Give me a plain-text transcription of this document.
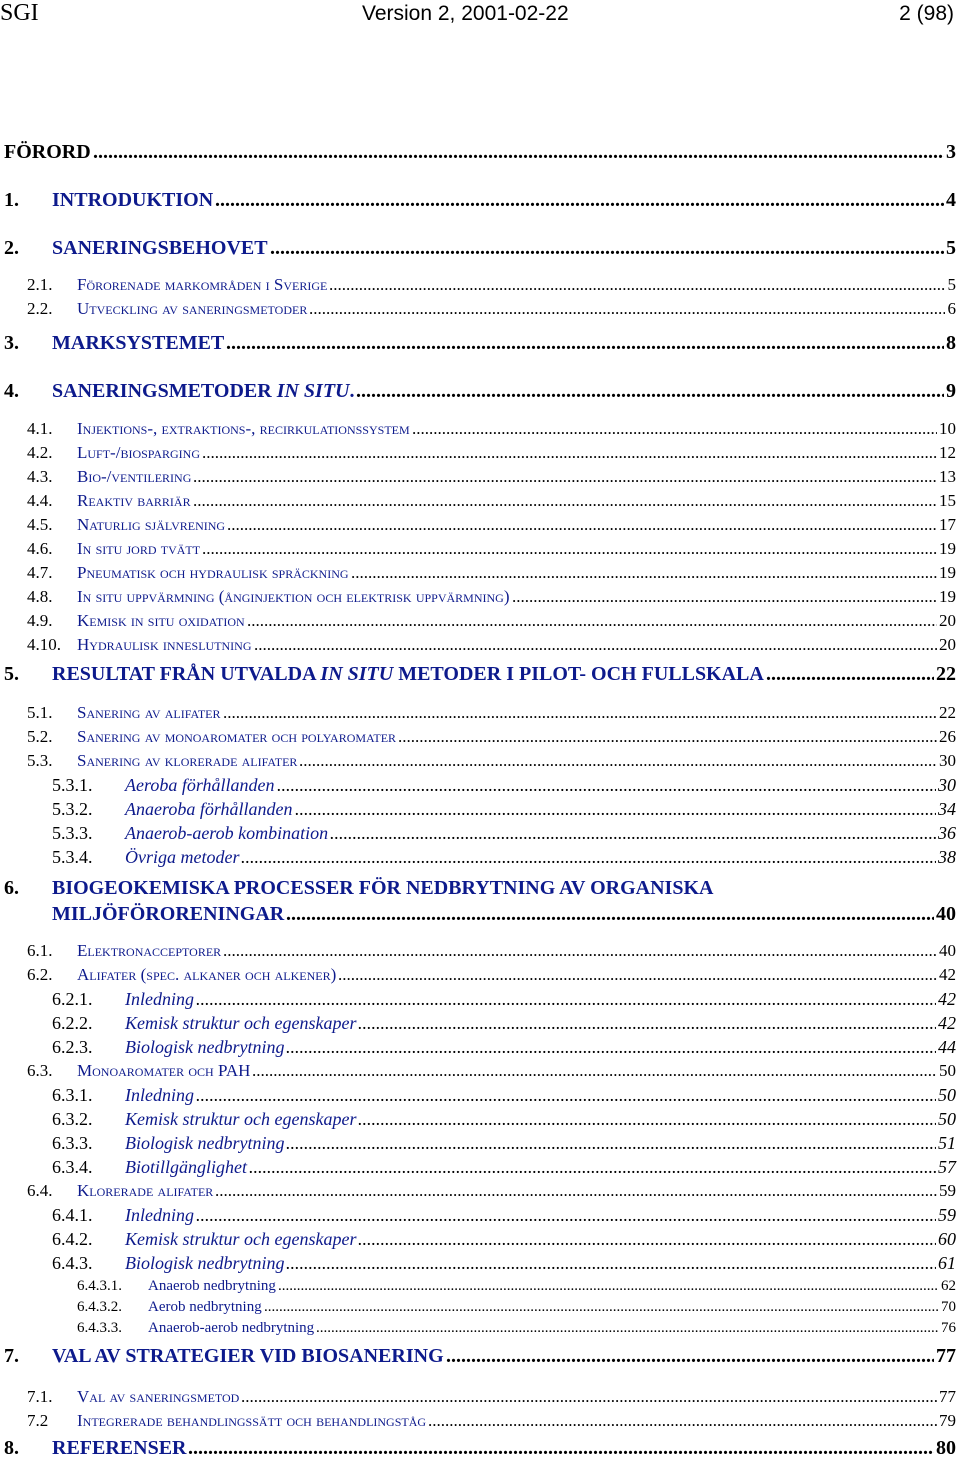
SGI	Version 2, 2001-02-22	2 (98)
FÖRORD .....	3
1. INTRODUKTION .....	4
2. SANERINGSBEHOVET .....	5
2.1. Förorenade markområden i Sverige .....	5
2.2. Utveckling av saneringsmetoder .....	6
3. MARKSYSTEMET .....	8
4. SANERINGSMETODER IN SITU. .....	9
4.1. Injektions-, extraktions-, recirkulationssystem .....	10
4.2. Luft-/biosparging .....	12
4.3. Bio-/ventilering .....	13
4.4. Reaktiv barriär .....	15
4.5. Naturlig självrening .....	17
4.6. In situ jord tvätt .....	19
4.7. Pneumatisk och hydraulisk spräckning .....	19
4.8. In situ uppvärmning (ånginjektion och elektrisk uppvärmning) .....	19
4.9. Kemisk in situ oxidation .....	20
4.10. Hydraulisk inneslutning .....	20
5. RESULTAT FRÅN UTVALDA IN SITU METODER I PILOT- OCH FULLSKALA .....	22
5.1. Sanering av alifater .....	22
5.2. Sanering av monoaromater och polyaromater .....	26
5.3. Sanering av klorerade alifater .....	30
5.3.1. Aeroba förhållanden .....	30
5.3.2. Anaeroba förhållanden .....	34
5.3.3. Anaerob-aerob kombination .....	36
5.3.4. Övriga metoder .....	38
6. BIOGEOKEMISKA PROCESSER FÖR NEDBRYTNING AV ORGANISKA
MILJÖFÖRORENINGAR .....	40
6.1. Elektronacceptorer .....	40
6.2. Alifater (spec. alkaner och alkener) .....	42
6.2.1. Inledning .....	42
6.2.2. Kemisk struktur och egenskaper .....	42
6.2.3. Biologisk nedbrytning .....	44
6.3. Monoaromater och PAH .....	50
6.3.1. Inledning .....	50
6.3.2. Kemisk struktur och egenskaper .....	50
6.3.3. Biologisk nedbrytning .....	51
6.3.4. Biotillgänglighet .....	57
6.4. Klorerade alifater .....	59
6.4.1. Inledning .....	59
6.4.2. Kemisk struktur och egenskaper .....	60
6.4.3. Biologisk nedbrytning .....	61
6.4.3.1. Anaerob nedbrytning .....	62
6.4.3.2. Aerob nedbrytning .....	70
6.4.3.3. Anaerob-aerob nedbrytning .....	76
7. VAL AV STRATEGIER VID BIOSANERING .....	77
7.1. Val av saneringsmetod .....	77
7.2 Integrerade behandlingssätt och behandlingståg .....	79
8. REFERENSER .....	80
